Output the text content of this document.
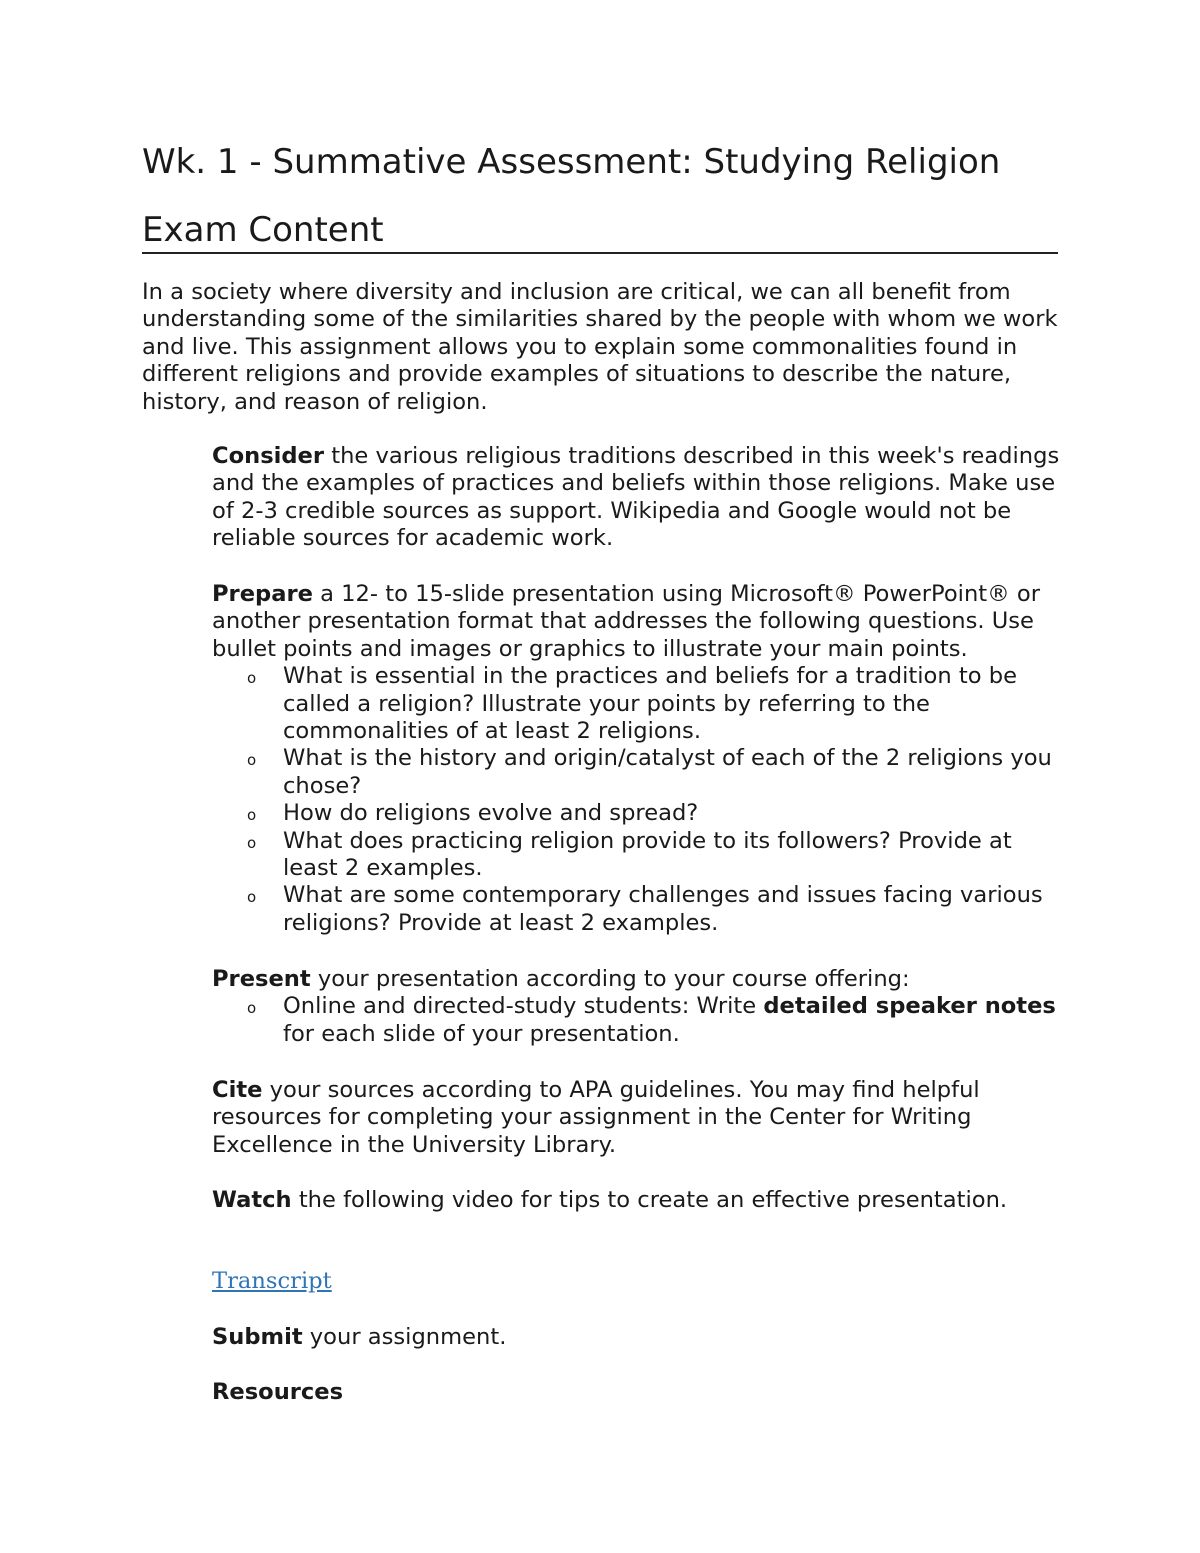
Wk. 1 - Summative Assessment: Studying Religion
Exam Content

In a society where diversity and inclusion are critical, we can all benefit from understanding some of the similarities shared by the people with whom we work and live. This assignment allows you to explain some commonalities found in different religions and provide examples of situations to describe the nature, history, and reason of religion.

Consider the various religious traditions described in this week's readings and the examples of practices and beliefs within those religions. Make use of 2-3 credible sources as support. Wikipedia and Google would not be reliable sources for academic work.

Prepare a 12- to 15-slide presentation using Microsoft® PowerPoint® or another presentation format that addresses the following questions. Use bullet points and images or graphics to illustrate your main points.

o What is essential in the practices and beliefs for a tradition to be called a religion? Illustrate your points by referring to the commonalities of at least 2 religions.
o What is the history and origin/catalyst of each of the 2 religions you chose?
o How do religions evolve and spread?
o What does practicing religion provide to its followers? Provide at least 2 examples.
o What are some contemporary challenges and issues facing various religions? Provide at least 2 examples.

Present your presentation according to your course offering:

o Online and directed-study students: Write detailed speaker notes for each slide of your presentation.

Cite your sources according to APA guidelines. You may find helpful resources for completing your assignment in the Center for Writing Excellence in the University Library.

Watch the following video for tips to create an effective presentation.

Transcript

Submit your assignment.

Resources
